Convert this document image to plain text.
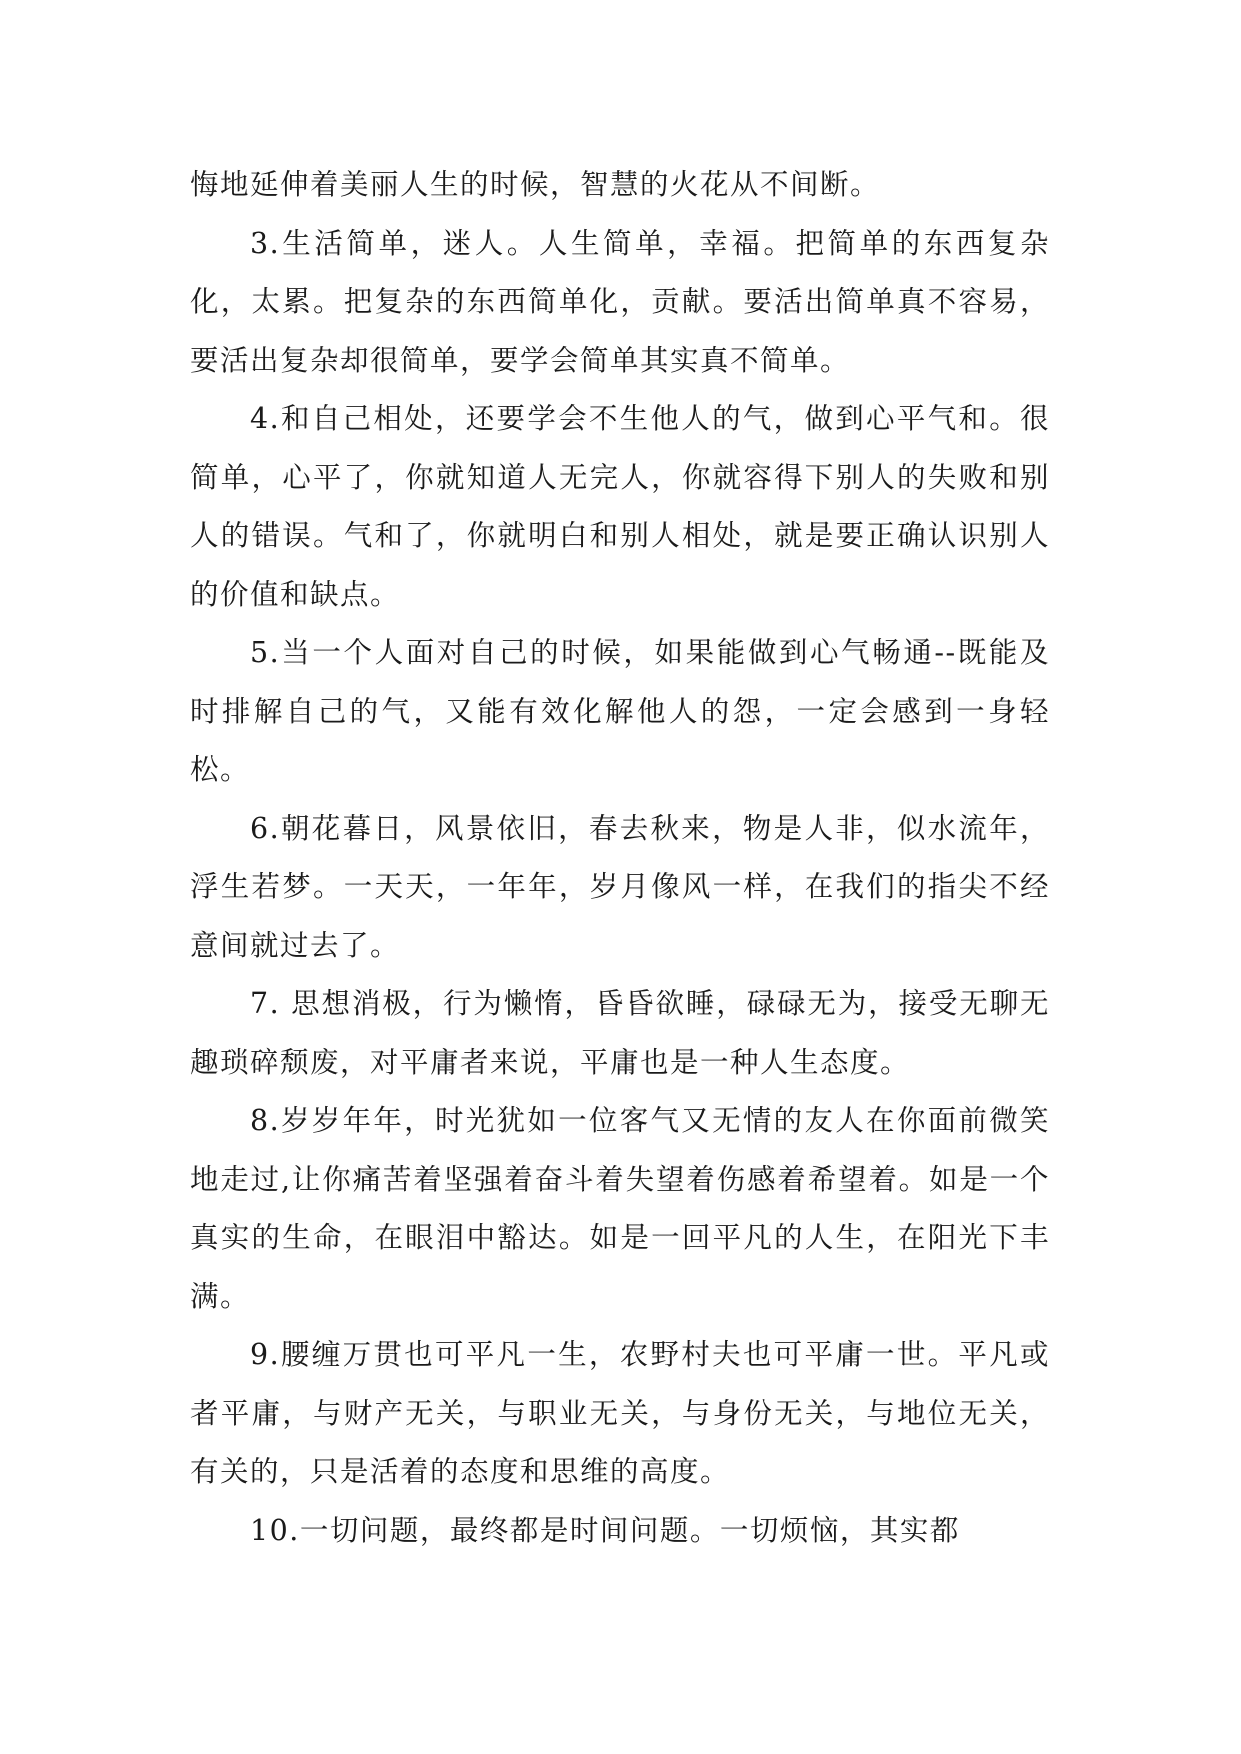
悔地延伸着美丽人生的时候，智慧的火花从不间断。

3.生活简单，迷人。人生简单，幸福。把简单的东西复杂化，太累。把复杂的东西简单化，贡献。要活出简单真不容易，要活出复杂却很简单，要学会简单其实真不简单。

4.和自己相处，还要学会不生他人的气，做到心平气和。很简单，心平了，你就知道人无完人，你就容得下别人的失败和别人的错误。气和了，你就明白和别人相处，就是要正确认识别人的价值和缺点。

5.当一个人面对自己的时候，如果能做到心气畅通--既能及时排解自己的气，又能有效化解他人的怨，一定会感到一身轻松。

6.朝花暮日，风景依旧，春去秋来，物是人非，似水流年，浮生若梦。一天天，一年年，岁月像风一样，在我们的指尖不经意间就过去了。

7. 思想消极，行为懒惰，昏昏欲睡，碌碌无为，接受无聊无趣琐碎颓废，对平庸者来说，平庸也是一种人生态度。

8.岁岁年年，时光犹如一位客气又无情的友人在你面前微笑地走过,让你痛苦着坚强着奋斗着失望着伤感着希望着。如是一个真实的生命，在眼泪中豁达。如是一回平凡的人生，在阳光下丰满。

9.腰缠万贯也可平凡一生，农野村夫也可平庸一世。平凡或者平庸，与财产无关，与职业无关，与身份无关，与地位无关，有关的，只是活着的态度和思维的高度。

10.一切问题，最终都是时间问题。一切烦恼，其实都
